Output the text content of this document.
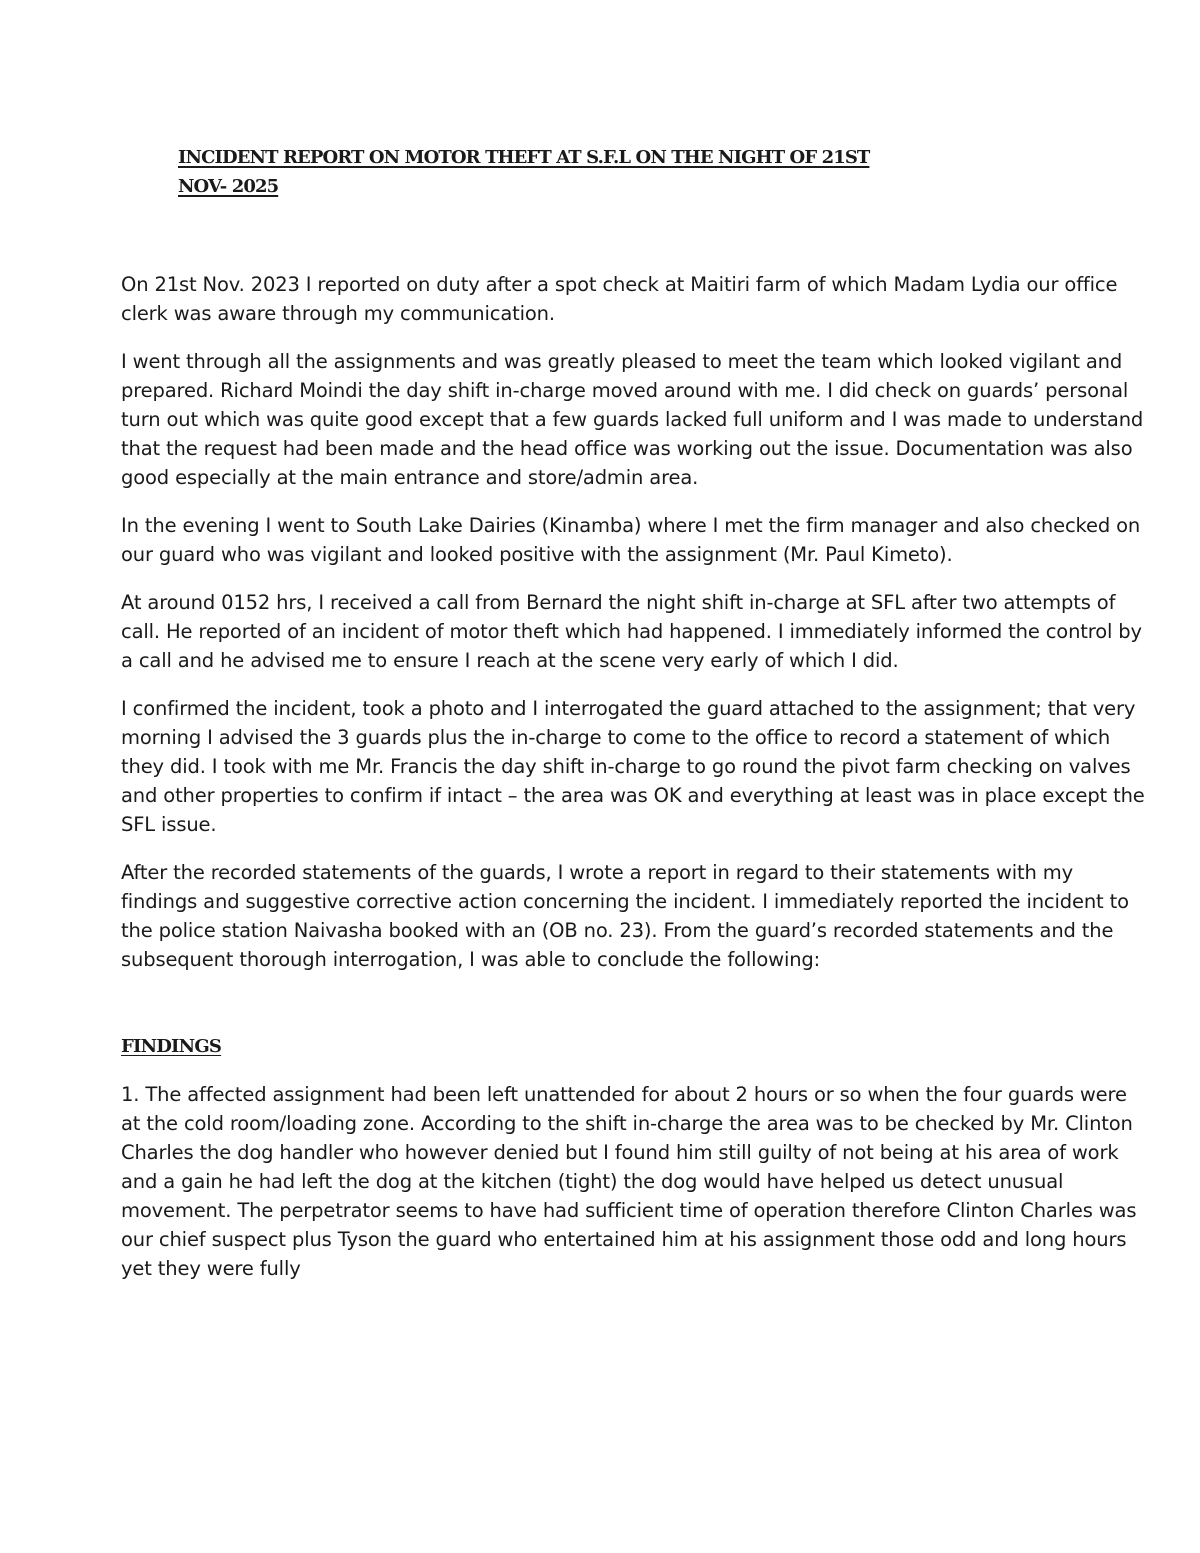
INCIDENT REPORT ON MOTOR THEFT AT S.F.L ON THE NIGHT OF 21ST
NOV- 2025

On 21st Nov. 2023 I reported on duty after a spot check at Maitiri farm of which Madam Lydia our office clerk was aware through my communication.

I went through all the assignments and was greatly pleased to meet the team which looked vigilant and prepared. Richard Moindi the day shift in-charge moved around with me. I did check on guards’ personal turn out which was quite good except that a few guards lacked full uniform and I was made to understand that the request had been made and the head office was working out the issue. Documentation was also good especially at the main entrance and store/admin area.

In the evening I went to South Lake Dairies (Kinamba) where I met the firm manager and also checked on our guard who was vigilant and looked positive with the assignment (Mr. Paul Kimeto).

At around 0152 hrs, I received a call from Bernard the night shift in-charge at SFL after two attempts of call. He reported of an incident of motor theft which had happened. I immediately informed the control by a call and he advised me to ensure I reach at the scene very early of which I did.

I confirmed the incident, took a photo and I interrogated the guard attached to the assignment; that very morning I advised the 3 guards plus the in-charge to come to the office to record a statement of which they did. I took with me Mr. Francis the day shift in-charge to go round the pivot farm checking on valves and other properties to confirm if intact – the area was OK and everything at least was in place except the SFL issue.

After the recorded statements of the guards, I wrote a report in regard to their statements with my findings and suggestive corrective action concerning the incident. I immediately reported the incident to the police station Naivasha booked with an (OB no. 23). From the guard’s recorded statements and the subsequent thorough interrogation, I was able to conclude the following:

FINDINGS

1. The affected assignment had been left unattended for about 2 hours or so when the four guards were at the cold room/loading zone. According to the shift in-charge the area was to be checked by Mr. Clinton Charles the dog handler who however denied but I found him still guilty of not being at his area of work and a gain he had left the dog at the kitchen (tight) the dog would have helped us detect unusual movement. The perpetrator seems to have had sufficient time of operation therefore Clinton Charles was our chief suspect plus Tyson the guard who entertained him at his assignment those odd and long hours yet they were fully
